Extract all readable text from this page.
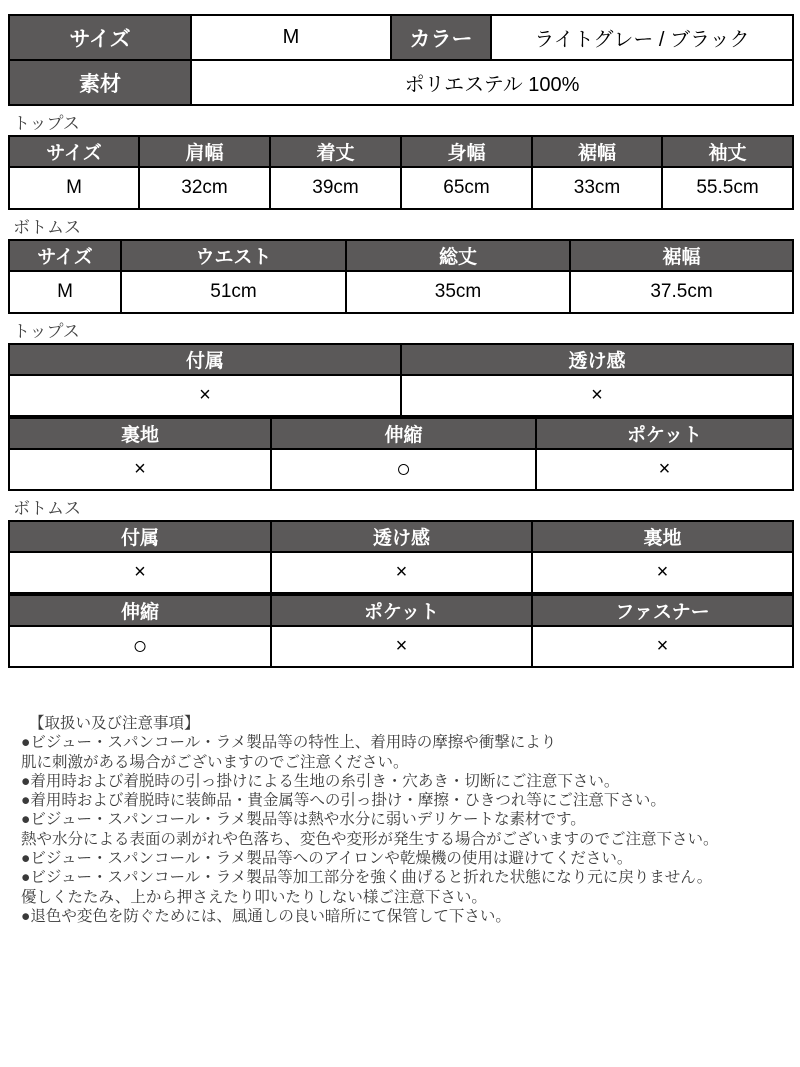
サイズ	M	カラー	ライトグレー / ブラック
素材	ポリエステル 100%		
トップス
サイズ	肩幅	着丈	身幅	裾幅	袖丈
M	32cm	39cm	65cm	33cm	55.5cm
ボトムス
サイズ	ウエスト	総丈	裾幅
M	51cm	35cm	37.5cm
トップス
付属	透け感
×	×
裏地	伸縮	ポケット
×	○	×
ボトムス
付属	透け感	裏地
×	×	×
伸縮	ポケット	ファスナー
○	×	×
【取扱い及び注意事項】
●ビジュー・スパンコール・ラメ製品等の特性上、着用時の摩擦や衝撃により
肌に刺激がある場合がございますのでご注意ください。
●着用時および着脱時の引っ掛けによる生地の糸引き・穴あき・切断にご注意下さい。
●着用時および着脱時に装飾品・貴金属等への引っ掛け・摩擦・ひきつれ等にご注意下さい。
●ビジュー・スパンコール・ラメ製品等は熱や水分に弱いデリケートな素材です。
熱や水分による表面の剥がれや色落ち、変色や変形が発生する場合がございますのでご注意下さい。
●ビジュー・スパンコール・ラメ製品等へのアイロンや乾燥機の使用は避けてください。
●ビジュー・スパンコール・ラメ製品等加工部分を強く曲げると折れた状態になり元に戻りません。
優しくたたみ、上から押さえたり叩いたりしない様ご注意下さい。
●退色や変色を防ぐためには、風通しの良い暗所にて保管して下さい。
